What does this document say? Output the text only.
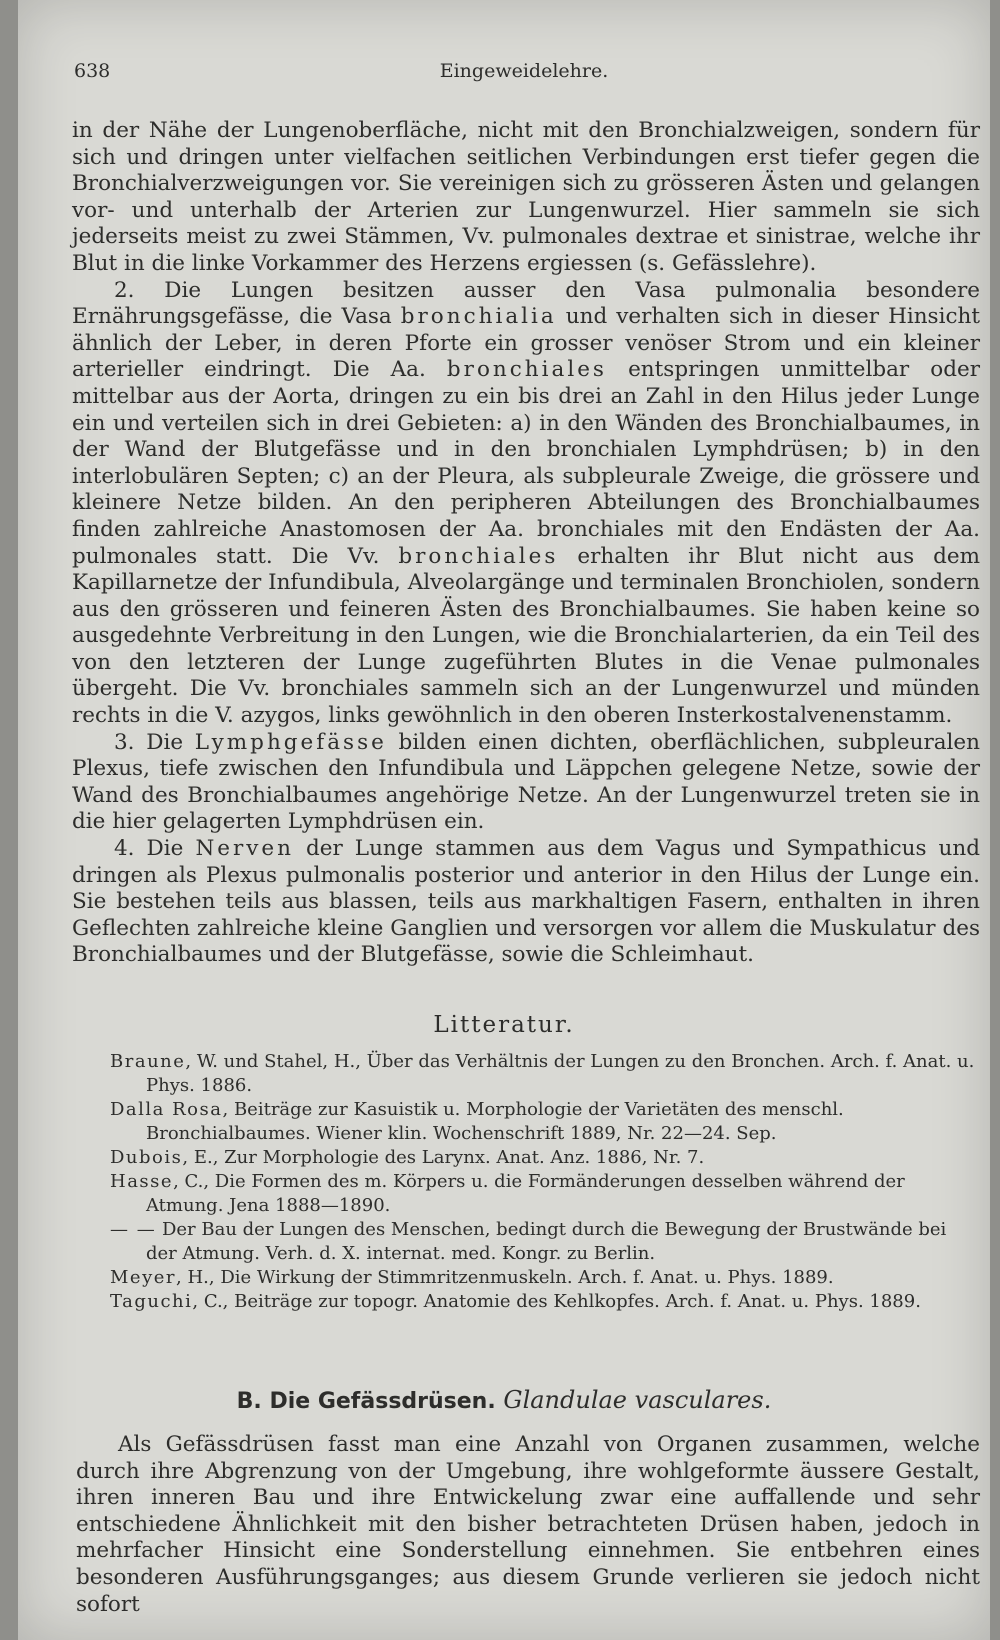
638	Eingeweidelehre.

in der Nähe der Lungenoberfläche, nicht mit den Bronchialzweigen, sondern für sich und dringen unter vielfachen seitlichen Verbindungen erst tiefer gegen die Bronchialverzweigungen vor. Sie vereinigen sich zu grösseren Ästen und gelangen vor- und unterhalb der Arterien zur Lungenwurzel. Hier sammeln sie sich jederseits meist zu zwei Stämmen, Vv. pulmonales dextrae et sinistrae, welche ihr Blut in die linke Vorkammer des Herzens ergiessen (s. Gefässlehre).

2. Die Lungen besitzen ausser den Vasa pulmonalia besondere Ernährungsgefässe, die Vasa bronchialia und verhalten sich in dieser Hinsicht ähnlich der Leber, in deren Pforte ein grosser venöser Strom und ein kleiner arterieller eindringt. Die Aa. bronchiales entspringen unmittelbar oder mittelbar aus der Aorta, dringen zu ein bis drei an Zahl in den Hilus jeder Lunge ein und verteilen sich in drei Gebieten: a) in den Wänden des Bronchialbaumes, in der Wand der Blutgefässe und in den bronchialen Lymphdrüsen; b) in den interlobulären Septen; c) an der Pleura, als subpleurale Zweige, die grössere und kleinere Netze bilden. An den peripheren Abteilungen des Bronchialbaumes finden zahlreiche Anastomosen der Aa. bronchiales mit den Endästen der Aa. pulmonales statt. Die Vv. bronchiales erhalten ihr Blut nicht aus dem Kapillarnetze der Infundibula, Alveolargänge und terminalen Bronchiolen, sondern aus den grösseren und feineren Ästen des Bronchialbaumes. Sie haben keine so ausgedehnte Verbreitung in den Lungen, wie die Bronchialarterien, da ein Teil des von den letzteren der Lunge zugeführten Blutes in die Venae pulmonales übergeht. Die Vv. bronchiales sammeln sich an der Lungenwurzel und münden rechts in die V. azygos, links gewöhnlich in den oberen Insterkostalvenenstamm.

3. Die Lymphgefässe bilden einen dichten, oberflächlichen, subpleuralen Plexus, tiefe zwischen den Infundibula und Läppchen gelegene Netze, sowie der Wand des Bronchialbaumes angehörige Netze. An der Lungenwurzel treten sie in die hier gelagerten Lymphdrüsen ein.

4. Die Nerven der Lunge stammen aus dem Vagus und Sympathicus und dringen als Plexus pulmonalis posterior und anterior in den Hilus der Lunge ein. Sie bestehen teils aus blassen, teils aus markhaltigen Fasern, enthalten in ihren Geflechten zahlreiche kleine Ganglien und versorgen vor allem die Muskulatur des Bronchialbaumes und der Blutgefässe, sowie die Schleimhaut.

Litteratur.

Braune, W. und Stahel, H., Über das Verhältnis der Lungen zu den Bronchen. Arch. f. Anat. u. Phys. 1886.

Dalla Rosa, Beiträge zur Kasuistik u. Morphologie der Varietäten des menschl. Bronchialbaumes. Wiener klin. Wochenschrift 1889, Nr. 22—24. Sep.

Dubois, E., Zur Morphologie des Larynx. Anat. Anz. 1886, Nr. 7.

Hasse, C., Die Formen des m. Körpers u. die Formänderungen desselben während der Atmung. Jena 1888—1890.

— — Der Bau der Lungen des Menschen, bedingt durch die Bewegung der Brustwände bei der Atmung. Verh. d. X. internat. med. Kongr. zu Berlin.

Meyer, H., Die Wirkung der Stimmritzenmuskeln. Arch. f. Anat. u. Phys. 1889.

Taguchi, C., Beiträge zur topogr. Anatomie des Kehlkopfes. Arch. f. Anat. u. Phys. 1889.

B. Die Gefässdrüsen. Glandulae vasculares.

Als Gefässdrüsen fasst man eine Anzahl von Organen zusammen, welche durch ihre Abgrenzung von der Umgebung, ihre wohlgeformte äussere Gestalt, ihren inneren Bau und ihre Entwickelung zwar eine auffallende und sehr entschiedene Ähnlichkeit mit den bisher betrachteten Drüsen haben, jedoch in mehrfacher Hinsicht eine Sonderstellung einnehmen. Sie entbehren eines besonderen Ausführungsganges; aus diesem Grunde verlieren sie jedoch nicht sofort
